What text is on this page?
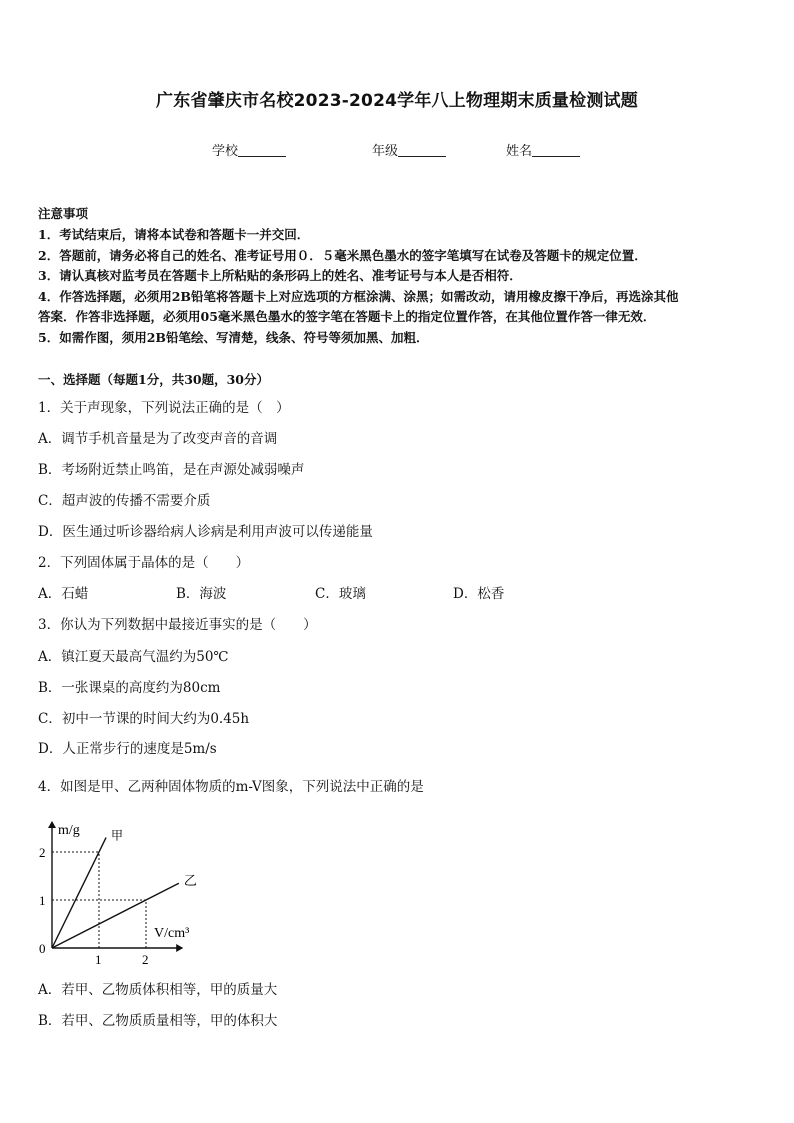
广东省肇庆市名校2023-2024学年八上物理期末质量检测试题
学校	年级	姓名
注意事项
1．考试结束后，请将本试卷和答题卡一并交回．
2．答题前，请务必将自己的姓名、准考证号用０．５毫米黑色墨水的签字笔填写在试卷及答题卡的规定位置．
3．请认真核对监考员在答题卡上所粘贴的条形码上的姓名、准考证号与本人是否相符．
4．作答选择题，必须用2B铅笔将答题卡上对应选项的方框涂满、涂黑；如需改动，请用橡皮擦干净后，再选涂其他
答案．作答非选择题，必须用05毫米黑色墨水的签字笔在答题卡上的指定位置作答，在其他位置作答一律无效．
5．如需作图，须用2B铅笔绘、写清楚，线条、符号等须加黑、加粗．
一、选择题（每题1分，共30题，30分）
1．关于声现象，下列说法正确的是（　）
A．调节手机音量是为了改变声音的音调
B．考场附近禁止鸣笛，是在声源处减弱噪声
C．超声波的传播不需要介质
D．医生通过听诊器给病人诊病是利用声波可以传递能量
2．下列固体属于晶体的是（　　）
A．石蜡	B．海波	C．玻璃	D．松香
3．你认为下列数据中最接近事实的是（　　）
A．镇江夏天最高气温约为50℃
B．一张课桌的高度约为80cm
C．初中一节课的时间大约为0.45h
D．人正常步行的速度是5m/s
4．如图是甲、乙两种固体物质的m-V图象，下列说法中正确的是
甲
乙
m/g
V/cm³
0
1	2
1
2
A．若甲、乙物质体积相等，甲的质量大
B．若甲、乙物质质量相等，甲的体积大
